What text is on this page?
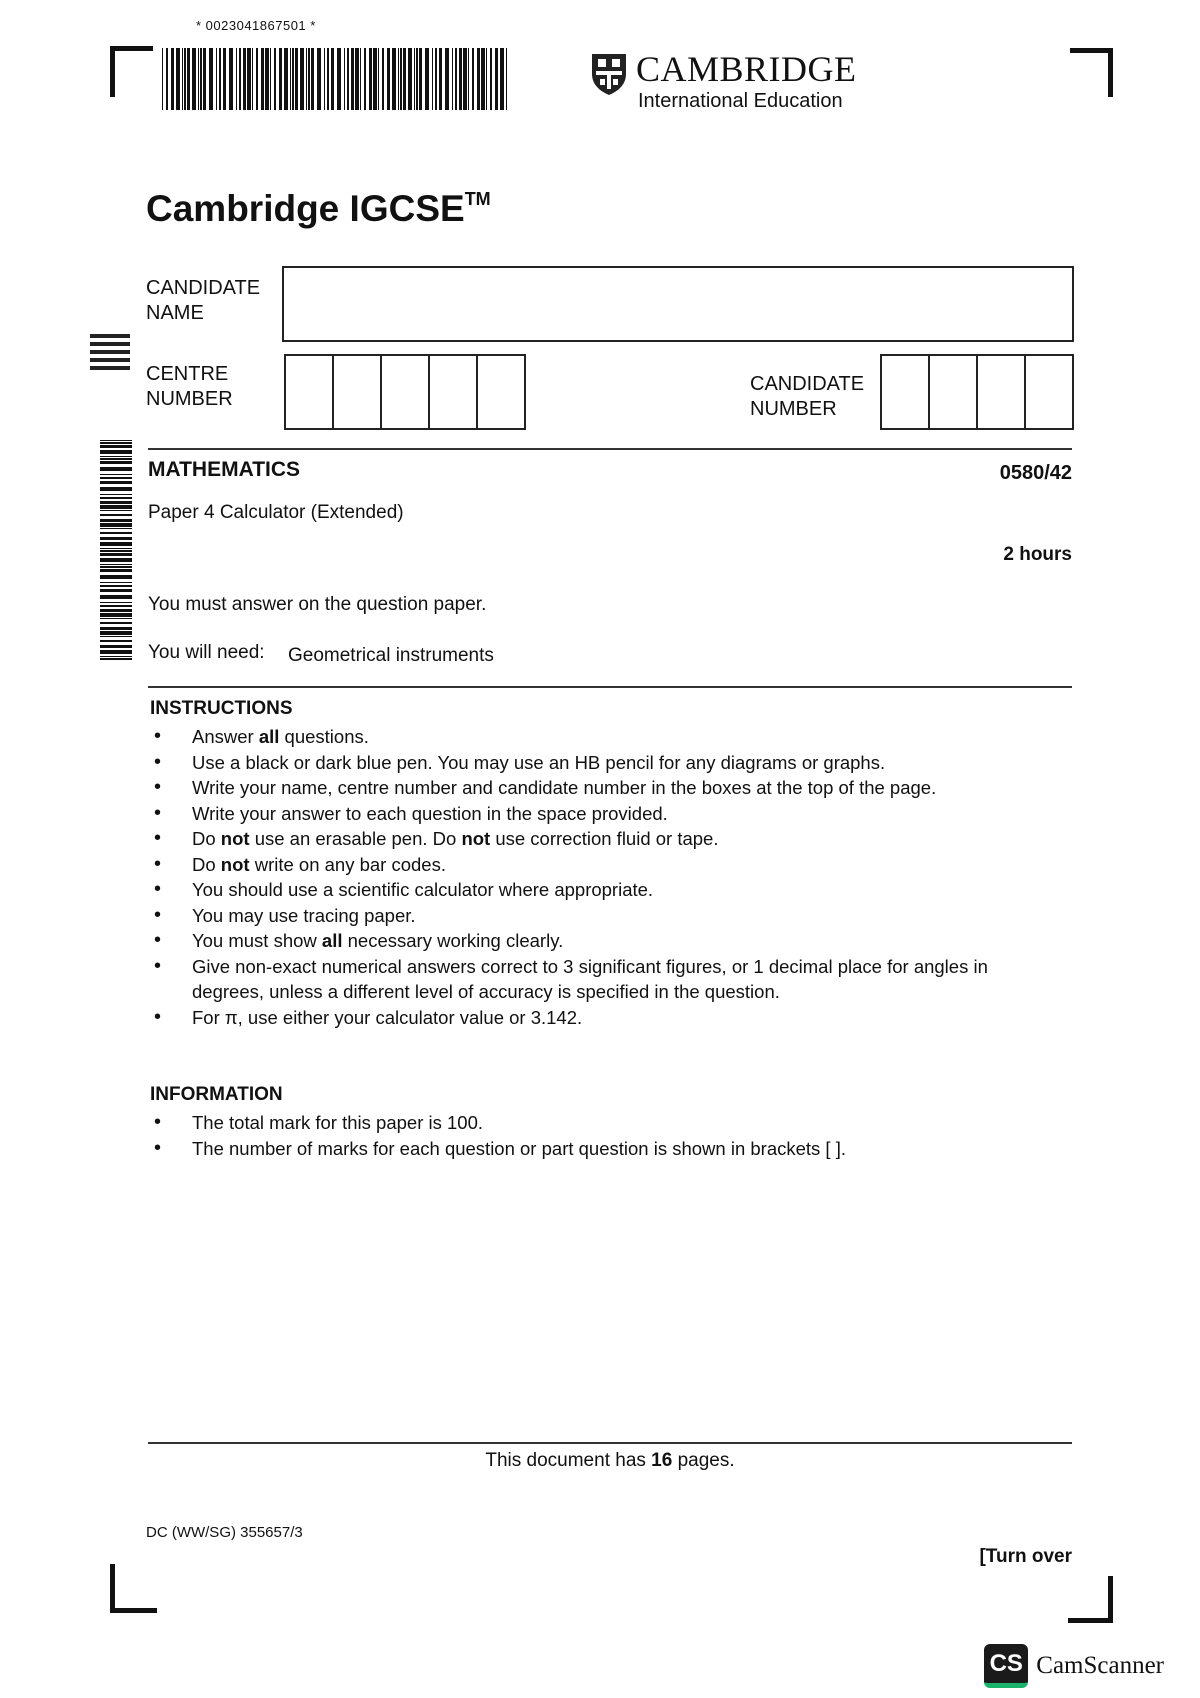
* 0023041867501 *
CAMBRIDGE
International Education
Cambridge IGCSE™
CANDIDATE
NAME
CENTRE
NUMBER
CANDIDATE
NUMBER
MATHEMATICS	0580/42
Paper 4 Calculator (Extended)
2 hours
You must answer on the question paper.
You will need: Geometrical instruments
INSTRUCTIONS
• Answer all questions.
• Use a black or dark blue pen. You may use an HB pencil for any diagrams or graphs.
• Write your name, centre number and candidate number in the boxes at the top of the page.
• Write your answer to each question in the space provided.
• Do not use an erasable pen. Do not use correction fluid or tape.
• Do not write on any bar codes.
• You should use a scientific calculator where appropriate.
• You may use tracing paper.
• You must show all necessary working clearly.
• Give non-exact numerical answers correct to 3 significant figures, or 1 decimal place for angles in
degrees, unless a different level of accuracy is specified in the question.
• For π, use either your calculator value or 3.142.
INFORMATION
• The total mark for this paper is 100.
• The number of marks for each question or part question is shown in brackets [ ].
This document has 16 pages.
DC (WW/SG) 355657/3
[Turn over
CS CamScanner
